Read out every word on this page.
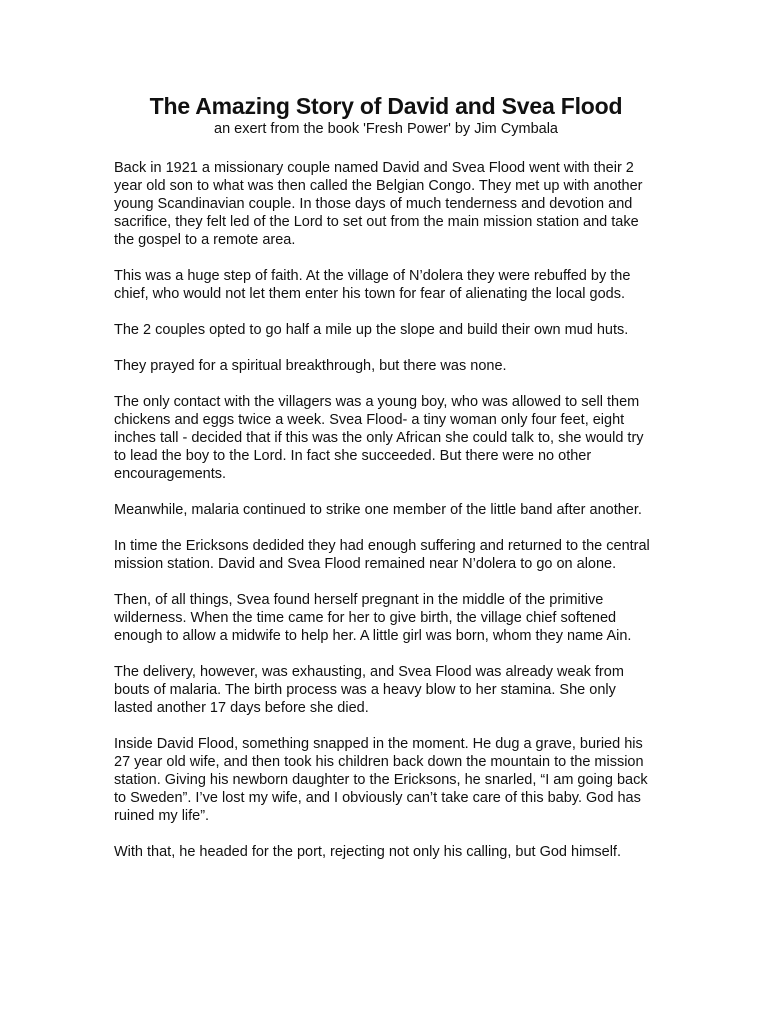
The Amazing Story of David and Svea Flood

an exert from the book 'Fresh Power' by Jim Cymbala

Back in 1921 a missionary couple named David and Svea Flood went with their 2 year old son to what was then called the Belgian Congo. They met up with another young Scandinavian couple. In those days of much tenderness and devotion and sacrifice, they felt led of the Lord to set out from the main mission station and take the gospel to a remote area.

This was a huge step of faith. At the village of N’dolera they were rebuffed by the chief, who would not let them enter his town for fear of alienating the local gods.

The 2 couples opted to go half a mile up the slope and build their own mud huts.

They prayed for a spiritual breakthrough, but there was none.

The only contact with the villagers was a young boy, who was allowed to sell them chickens and eggs twice a week. Svea Flood- a tiny woman only four feet, eight inches tall - decided that if this was the only African she could talk to, she would try to lead the boy to the Lord. In fact she succeeded. But there were no other encouragements.

Meanwhile, malaria continued to strike one member of the little band after another.

In time the Ericksons dedided they had enough suffering and returned to the central mission station. David and Svea Flood remained near N’dolera to go on alone.

Then, of all things, Svea found herself pregnant in the middle of the primitive wilderness. When the time came for her to give birth, the village chief softened enough to allow a midwife to help her. A little girl was born, whom they name Ain.

The delivery, however, was exhausting, and Svea Flood was already weak from bouts of malaria. The birth process was a heavy blow to her stamina. She only lasted another 17 days before she died.

Inside David Flood, something snapped in the moment. He dug a grave, buried his 27 year old wife, and then took his children back down the mountain to the mission station. Giving his newborn daughter to the Ericksons, he snarled, “I am going back to Sweden”. I’ve lost my wife, and I obviously can’t take care of this baby. God has ruined my life”.

With that, he headed for the port, rejecting not only his calling, but God himself.
